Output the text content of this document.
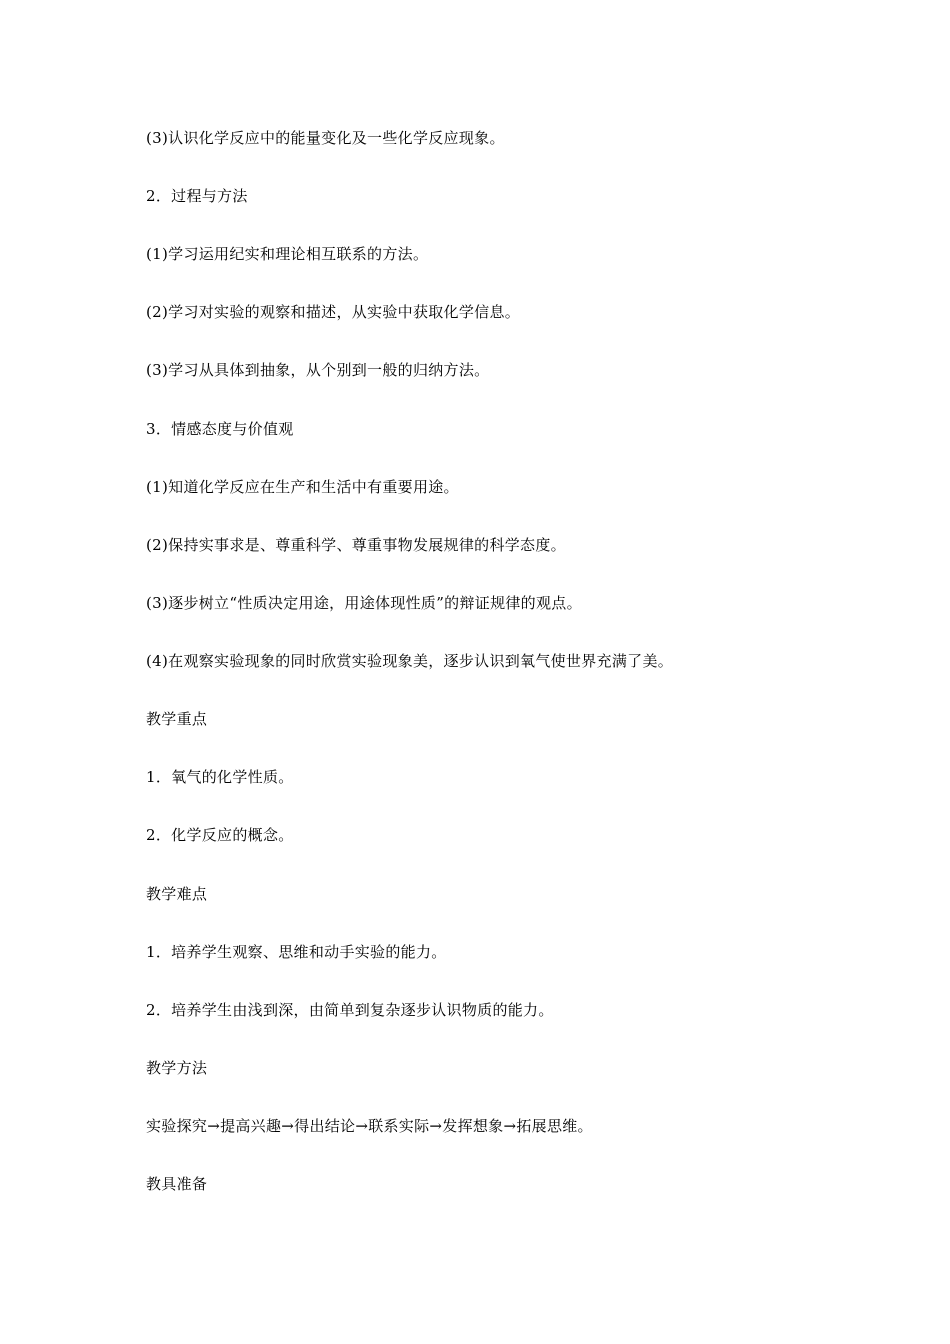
(3)认识化学反应中的能量变化及一些化学反应现象。
2．过程与方法
(1)学习运用纪实和理论相互联系的方法。
(2)学习对实验的观察和描述，从实验中获取化学信息。
(3)学习从具体到抽象，从个别到一般的归纳方法。
3．情感态度与价值观
(1)知道化学反应在生产和生活中有重要用途。
(2)保持实事求是、尊重科学、尊重事物发展规律的科学态度。
(3)逐步树立“性质决定用途，用途体现性质”的辩证规律的观点。
(4)在观察实验现象的同时欣赏实验现象美，逐步认识到氧气使世界充满了美。
教学重点
1．氧气的化学性质。
2．化学反应的概念。
教学难点
1．培养学生观察、思维和动手实验的能力。
2．培养学生由浅到深，由简单到复杂逐步认识物质的能力。
教学方法
实验探究→提高兴趣→得出结论→联系实际→发挥想象→拓展思维。
教具准备
